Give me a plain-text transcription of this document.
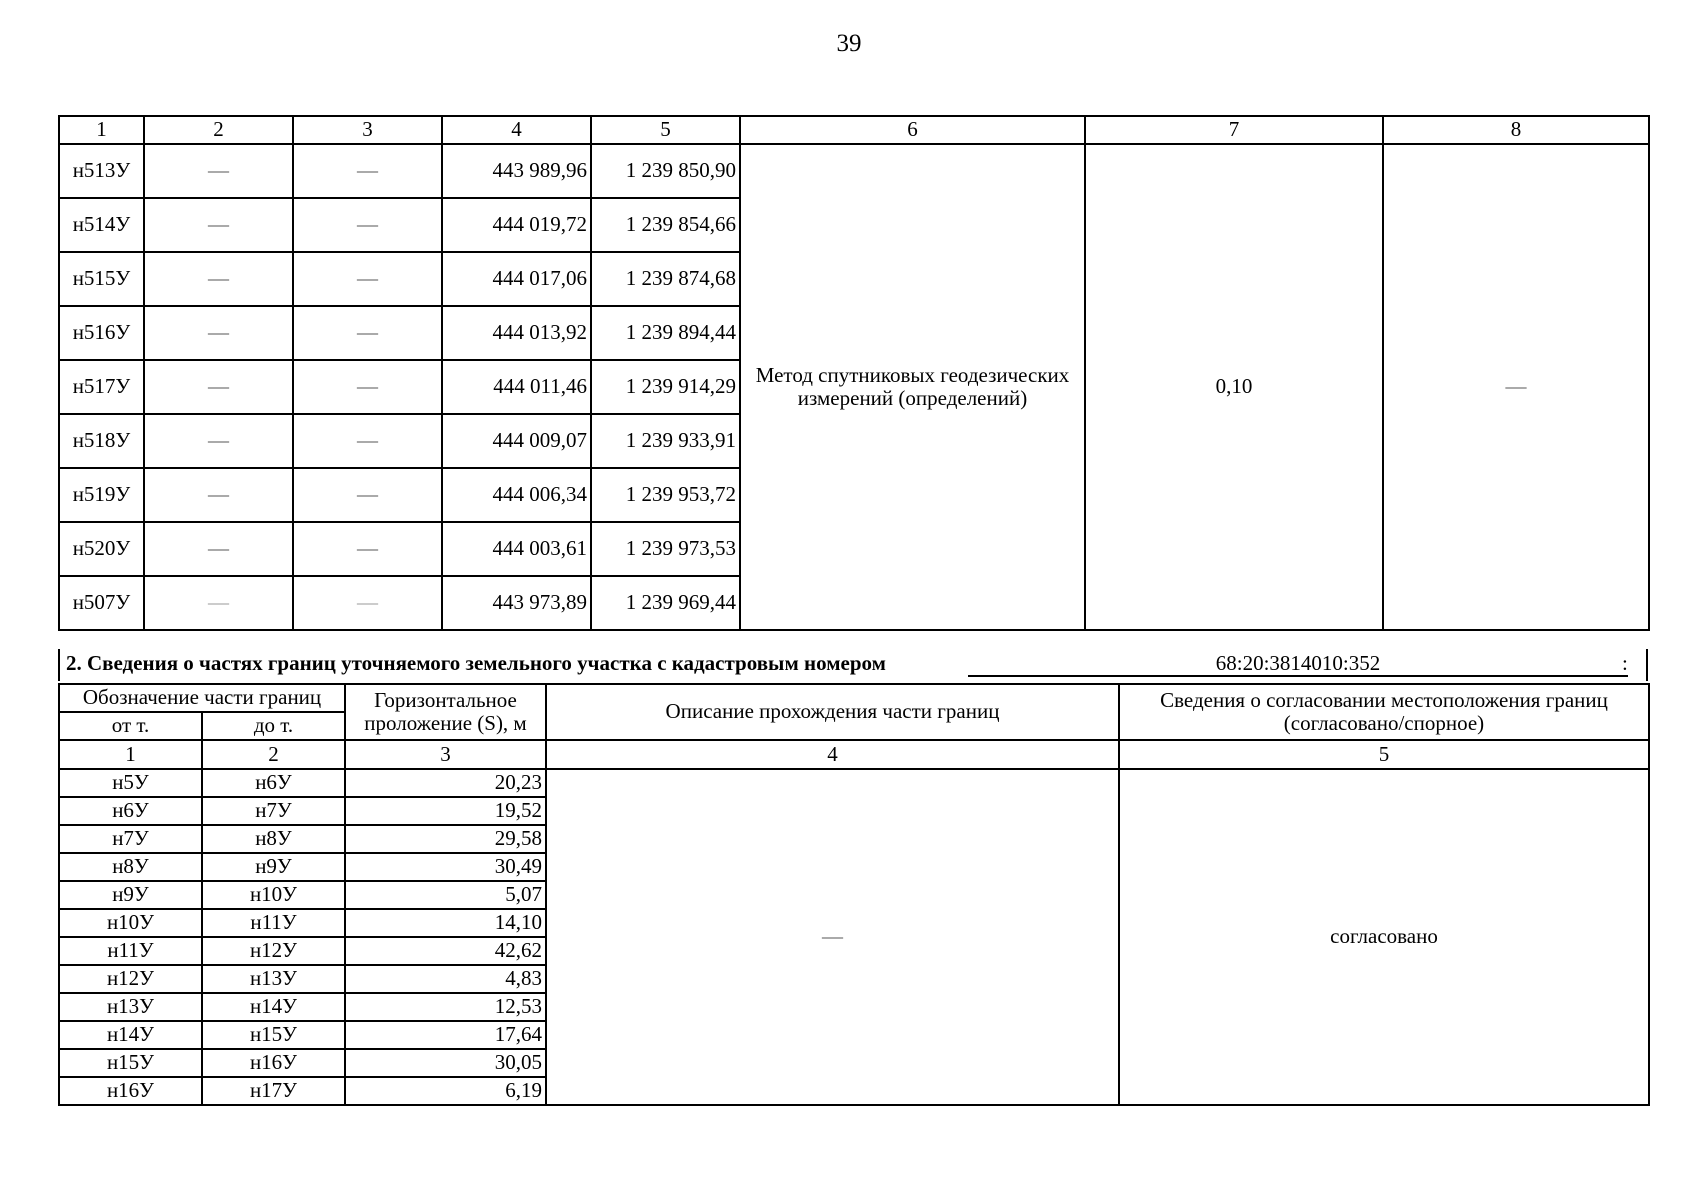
39
1	2	3	4	5	6	7	8
н513У	—	—	443 989,96	1 239 850,90	Метод спутниковых геодезических измерений (определений)	0,10	—
н514У	—	—	444 019,72	1 239 854,66			
н515У	—	—	444 017,06	1 239 874,68			
н516У	—	—	444 013,92	1 239 894,44			
н517У	—	—	444 011,46	1 239 914,29			
н518У	—	—	444 009,07	1 239 933,91			
н519У	—	—	444 006,34	1 239 953,72			
н520У	—	—	444 003,61	1 239 973,53			
н507У	—	—	443 973,89	1 239 969,44			
2. Сведения о частях границ уточняемого земельного участка с кадастровым номером	68:20:3814010:352	:
Обозначение части границ		Горизонтальное проложение (S), м	Описание прохождения части границ	Сведения о согласовании местоположения границ (согласовано/спорное)
от т.	до т.			
1	2	3	4	5
н5У	н6У	20,23	—	согласовано
н6У	н7У	19,52		
н7У	н8У	29,58		
н8У	н9У	30,49		
н9У	н10У	5,07		
н10У	н11У	14,10		
н11У	н12У	42,62		
н12У	н13У	4,83		
н13У	н14У	12,53		
н14У	н15У	17,64		
н15У	н16У	30,05		
н16У	н17У	6,19		
